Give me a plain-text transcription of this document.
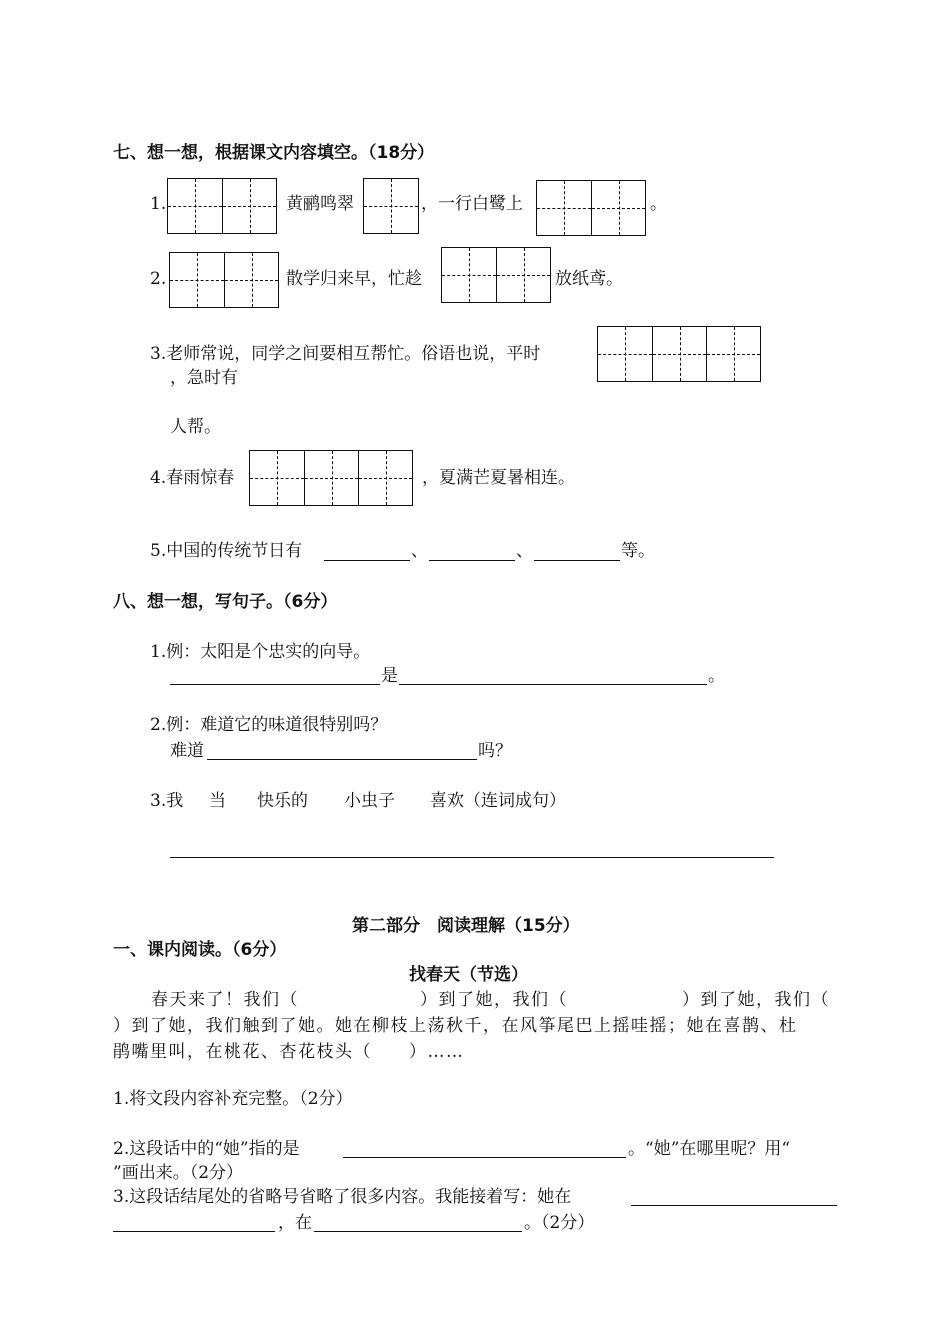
七、想一想，根据课文内容填空。（18分）
1.	黄鹂鸣翠	，一行白鹭上	。
2.	散学归来早，忙趁	放纸鸢。
3.老师常说，同学之间要相互帮忙。俗语也说，平时
，急时有
人帮。
4.春雨惊春	，夏满芒夏暑相连。
5.中国的传统节日有	、	、	等。
八、想一想，写句子。（6分）
1.例：太阳是个忠实的向导。
是	。
2.例：难道它的味道很特别吗？
难道	吗？
3.我 当 快乐的 小虫子 喜欢（连词成句）
第二部分　阅读理解（15分）
一、课内阅读。（6分）
找春天（节选）
春天来了！我们（	）到了她，我们（	）到了她，我们（
）到了她，我们触到了她。她在柳枝上荡秋千，在风筝尾巴上摇哇摇；她在喜鹊、杜
鹃嘴里叫，在桃花、杏花枝头（　　）……
1.将文段内容补充完整。（2分）
2.这段话中的“她”指的是	。“她”在哪里呢？用“
”画出来。（2分）
3.这段话结尾处的省略号省略了很多内容。我能接着写：她在
，在	。（2分）
